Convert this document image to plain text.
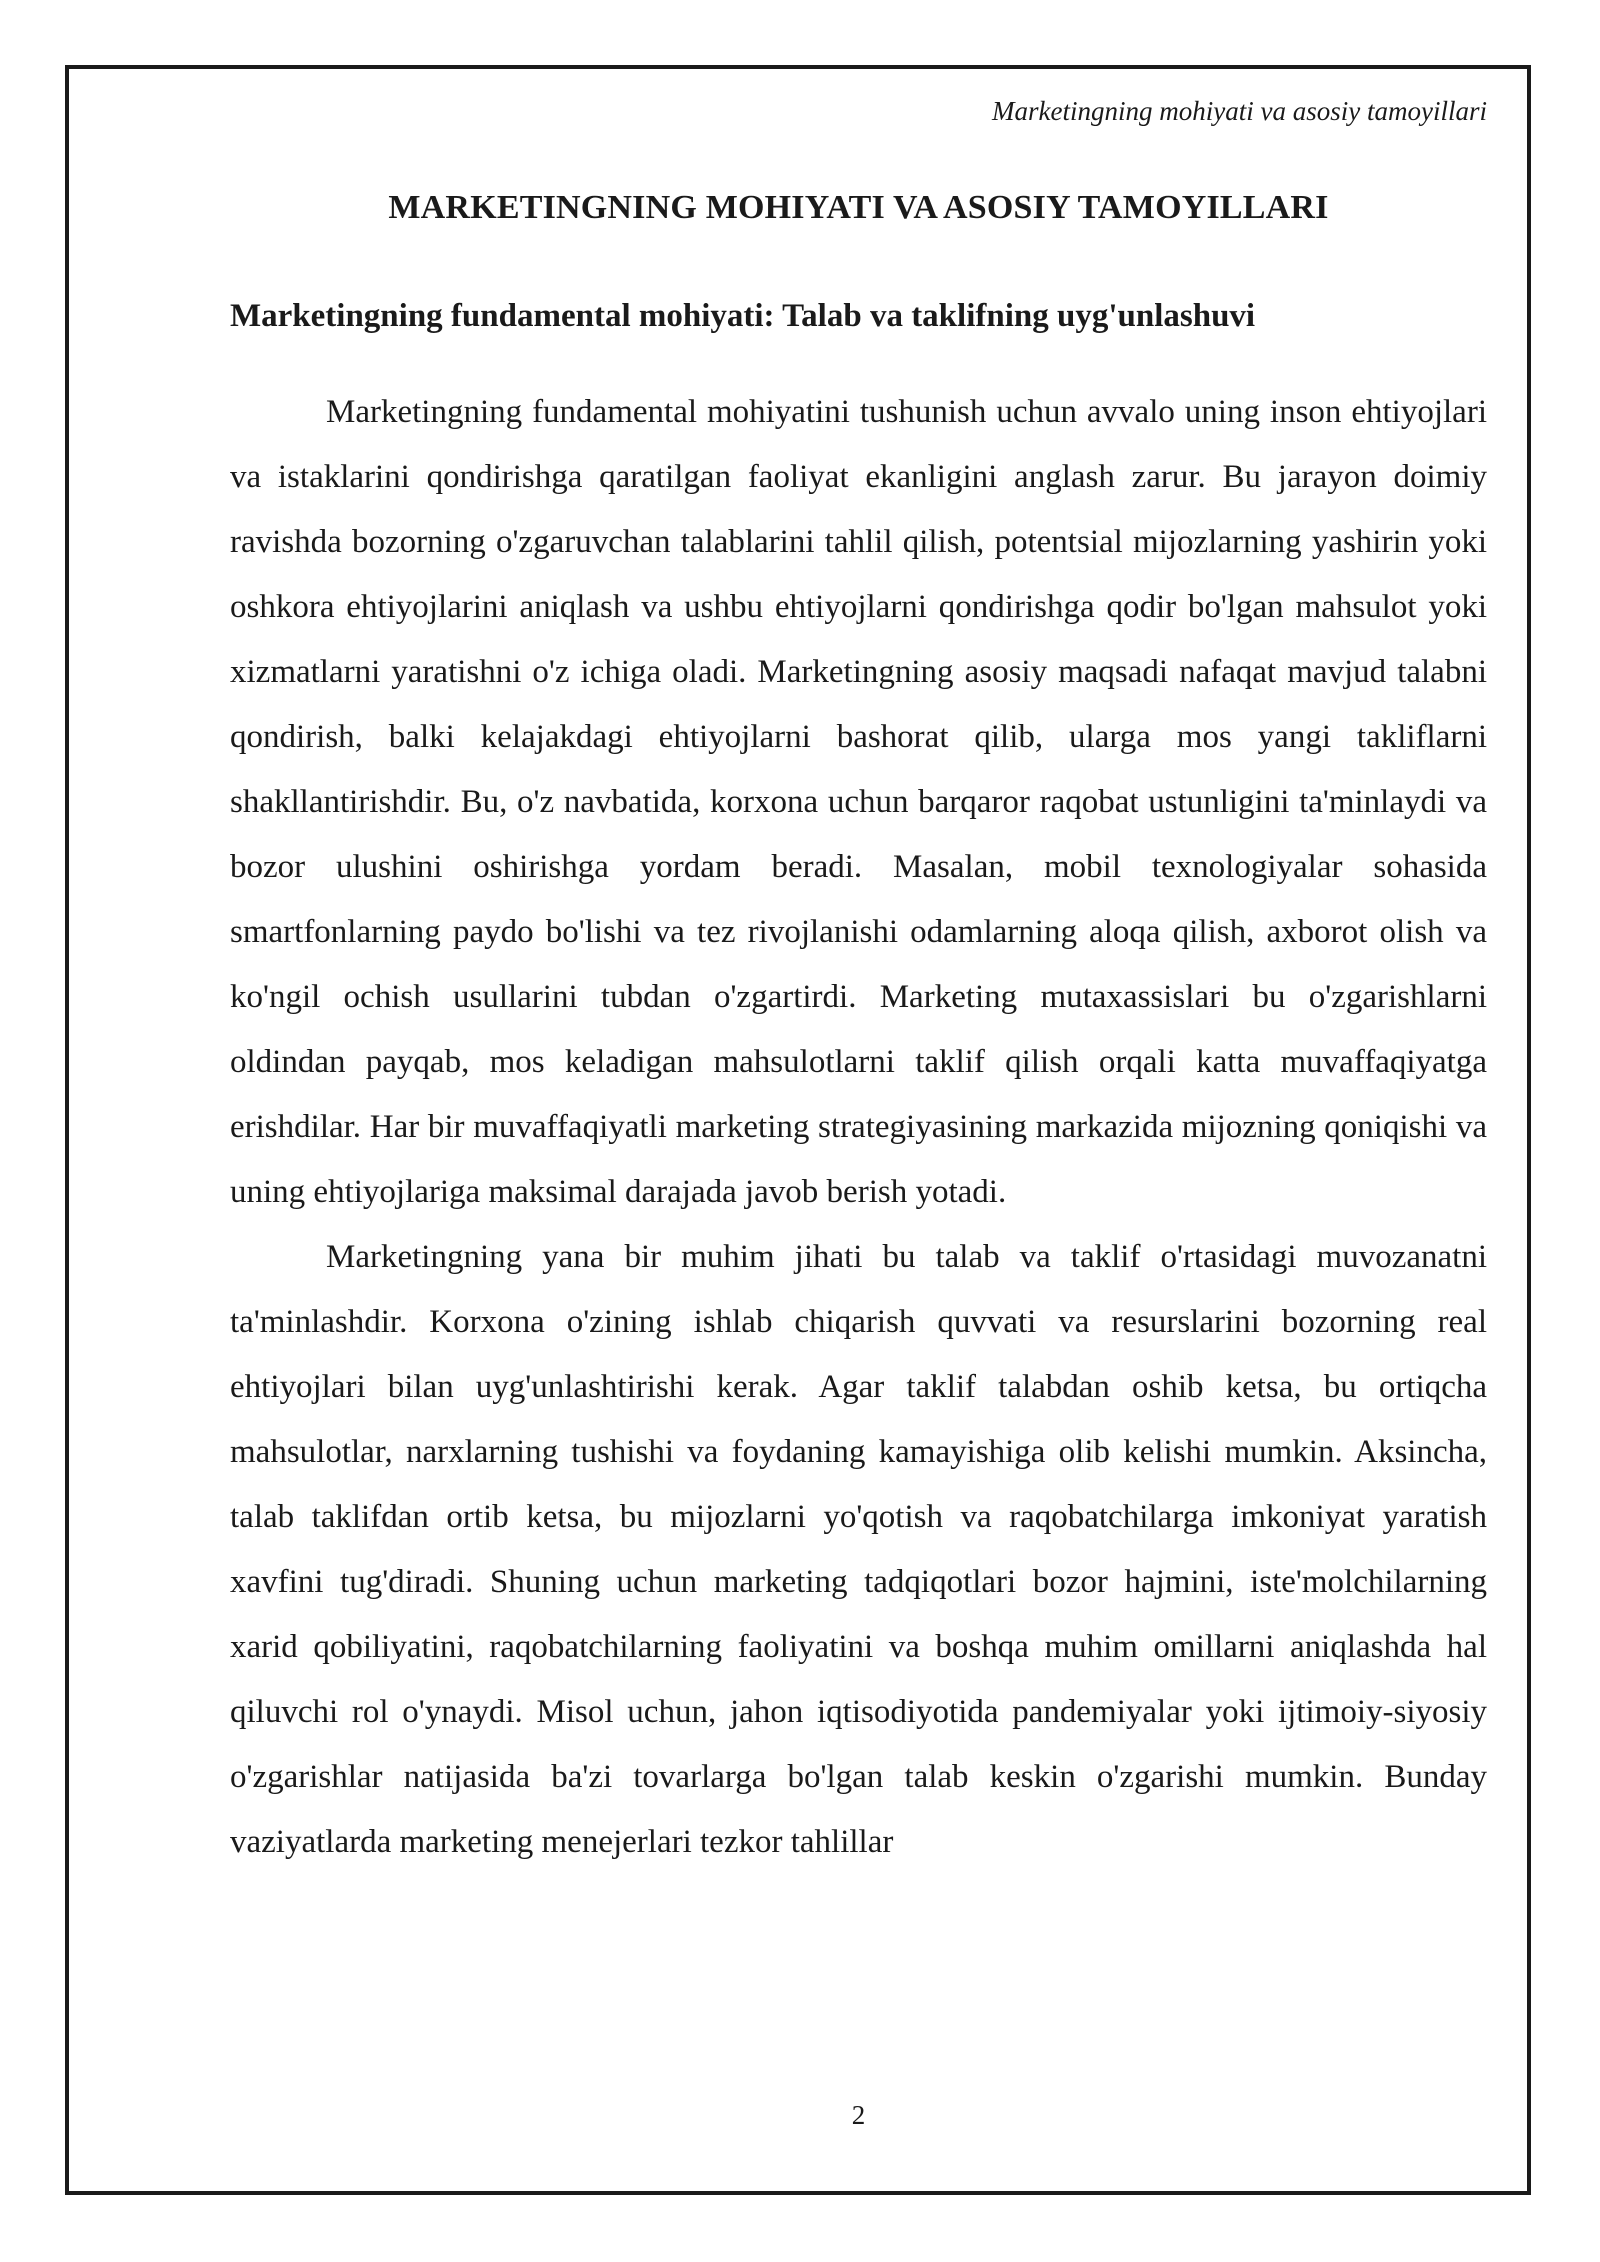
Marketingning mohiyati va asosiy tamoyillari
MARKETINGNING MOHIYATI VA ASOSIY TAMOYILLARI
Marketingning fundamental mohiyati: Talab va taklifning uyg'unlashuvi

Marketingning fundamental mohiyatini tushunish uchun avvalo uning inson ehtiyojlari va istaklarini qondirishga qaratilgan faoliyat ekanligini anglash zarur. Bu jarayon doimiy ravishda bozorning o'zgaruvchan talablarini tahlil qilish, potentsial mijozlarning yashirin yoki oshkora ehtiyojlarini aniqlash va ushbu ehtiyojlarni qondirishga qodir bo'lgan mahsulot yoki xizmatlarni yaratishni o'z ichiga oladi. Marketingning asosiy maqsadi nafaqat mavjud talabni qondirish, balki kelajakdagi ehtiyojlarni bashorat qilib, ularga mos yangi takliflarni shakllantirishdir. Bu, o'z navbatida, korxona uchun barqaror raqobat ustunligini ta'minlaydi va bozor ulushini oshirishga yordam beradi. Masalan, mobil texnologiyalar sohasida smartfonlarning paydo bo'lishi va tez rivojlanishi odamlarning aloqa qilish, axborot olish va ko'ngil ochish usullarini tubdan o'zgartirdi. Marketing mutaxassislari bu o'zgarishlarni oldindan payqab, mos keladigan mahsulotlarni taklif qilish orqali katta muvaffaqiyatga erishdilar. Har bir muvaffaqiyatli marketing strategiyasining markazida mijozning qoniqishi va uning ehtiyojlariga maksimal darajada javob berish yotadi.

Marketingning yana bir muhim jihati bu talab va taklif o'rtasidagi muvozanatni ta'minlashdir. Korxona o'zining ishlab chiqarish quvvati va resurslarini bozorning real ehtiyojlari bilan uyg'unlashtirishi kerak. Agar taklif talabdan oshib ketsa, bu ortiqcha mahsulotlar, narxlarning tushishi va foydaning kamayishiga olib kelishi mumkin. Aksincha, talab taklifdan ortib ketsa, bu mijozlarni yo'qotish va raqobatchilarga imkoniyat yaratish xavfini tug'diradi. Shuning uchun marketing tadqiqotlari bozor hajmini, iste'molchilarning xarid qobiliyatini, raqobatchilarning faoliyatini va boshqa muhim omillarni aniqlashda hal qiluvchi rol o'ynaydi. Misol uchun, jahon iqtisodiyotida pandemiyalar yoki ijtimoiy-siyosiy o'zgarishlar natijasida ba'zi tovarlarga bo'lgan talab keskin o'zgarishi mumkin. Bunday vaziyatlarda marketing menejerlari tezkor tahlillar

2
